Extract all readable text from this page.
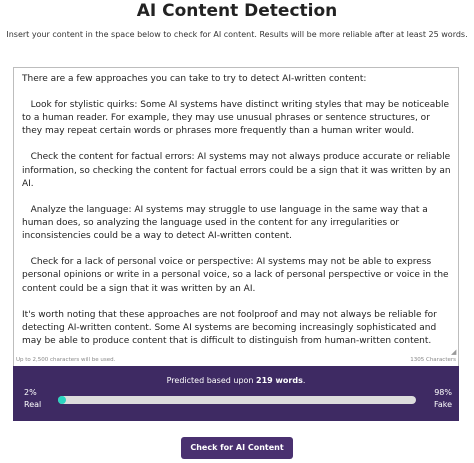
AI Content Detection
Insert your content in the space below to check for AI content. Results will be more reliable after at least 25 words.

There are a few approaches you can take to try to detect AI-written content:

Look for stylistic quirks: Some AI systems have distinct writing styles that may be noticeable to a human reader. For example, they may use unusual phrases or sentence structures, or they may repeat certain words or phrases more frequently than a human writer would.

Check the content for factual errors: AI systems may not always produce accurate or reliable information, so checking the content for factual errors could be a sign that it was written by an AI.

Analyze the language: AI systems may struggle to use language in the same way that a human does, so analyzing the language used in the content for any irregularities or inconsistencies could be a way to detect AI-written content.

Check for a lack of personal voice or perspective: AI systems may not be able to express personal opinions or write in a personal voice, so a lack of personal perspective or voice in the content could be a sign that it was written by an AI.

It's worth noting that these approaches are not foolproof and may not always be reliable for detecting AI-written content. Some AI systems are becoming increasingly sophisticated and may be able to produce content that is difficult to distinguish from human-written content.

◢
Up to 2,500 characters will be used.	1305 Characters
Predicted based upon 219 words.
2%
Real
98%
Fake
Check for AI Content
